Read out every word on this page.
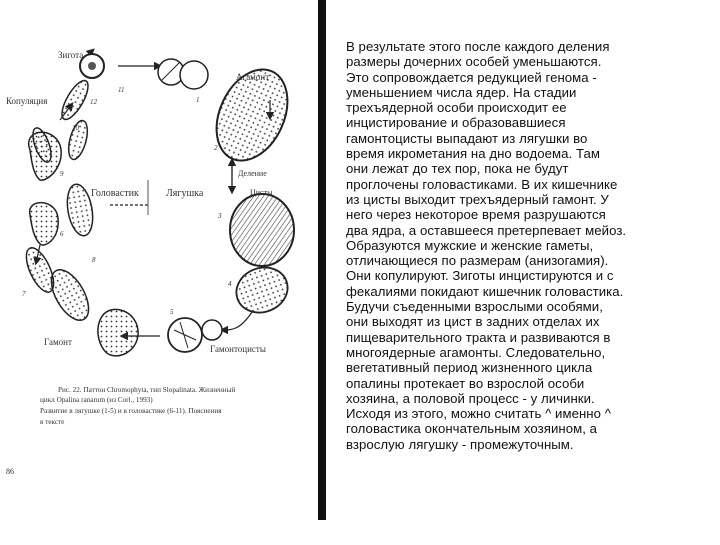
Зигота
Копуляция
Агамонт
Деление
Цисты
Головастик	Лягушка
Гамонт
Гамонтоцисты
12
11
1
2
3
4
5
6
7
8
9
10
Рис. 22. Паттон Chromophyta, тип Slopalinata. Жизненный
цикл Opalina ranarum (из Corl., 1993)
Развитие в лягушке (1-5) и в головастике (6-11). Пояснения
в тексте
86

В результате этого после каждого деления
размеры дочерних особей уменьшаются.
Это сопровождается редукцией генома -
уменьшением числа ядер. На стадии
трехъядерной особи происходит ее
инцистирование и образовавшиеся
гамонтоцисты выпадают из лягушки во
время икрометания на дно водоема. Там
они лежат до тех пор, пока не будут
проглочены головастиками. В их кишечнике
из цисты выходит трехъядерный гамонт. У
него через некоторое время разрушаются
два ядра, а оставшееся претерпевает мейоз.
Образуются мужские и женские гаметы,
отличающиеся по размерам (анизогамия).
Они копулируют. Зиготы инцистируются и с
фекалиями покидают кишечник головастика.
Будучи съеденными взрослыми особями,
они выходят из цист в задних отделах их
пищеварительного тракта и развиваются в
многоядерные агамонты. Следовательно,
вегетативный период жизненного цикла
опалины протекает во взрослой особи
хозяина, а половой процесс - у личинки.
Исходя из этого, можно считать ^ именно ^
головастика окончательным хозяином, а
взрослую лягушку - промежуточным.
